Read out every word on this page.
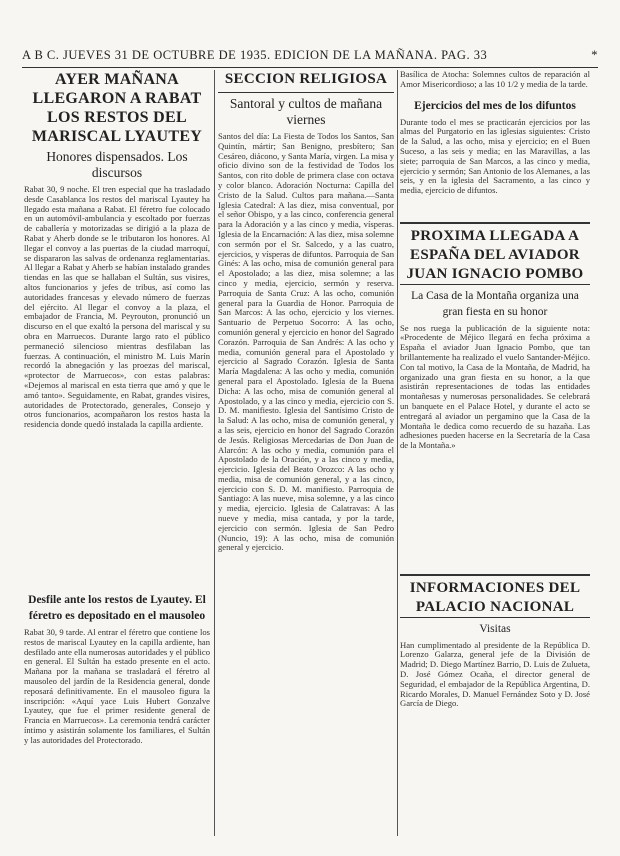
A B C. JUEVES 31 DE OCTUBRE DE 1935. EDICION DE LA MAÑANA. PAG. 33	*
AYER MAÑANA LLEGARON A RABAT LOS RESTOS DEL MARISCAL LYAUTEY
Honores dispensados. Los discursos
Rabat 30, 9 noche. El tren especial que ha trasladado desde Casablanca los restos del mariscal Lyautey ha llegado esta mañana a Rabat. El féretro fue colocado en un automóvil-ambulancia y escoltado por fuerzas de caballería y motorizadas se dirigió a la plaza de Rabat y Aherb donde se le tributaron los honores. Al llegar el convoy a las puertas de la ciudad marroquí, se dispararon las salvas de ordenanza reglamentarias. Al llegar a Rabat y Aherb se habían instalado grandes tiendas en las que se hallaban el Sultán, sus visires, altos funcionarios y jefes de tribus, así como las autoridades francesas y elevado número de fuerzas del ejército. Al llegar el convoy a la plaza, el embajador de Francia, M. Peyrouton, pronunció un discurso en el que exaltó la persona del mariscal y su obra en Marruecos. Durante largo rato el público permaneció silencioso mientras desfilaban las fuerzas. A continuación, el ministro M. Luis Marín recordó la abnegación y las proezas del mariscal, «protector de Marruecos», con estas palabras: «Dejemos al mariscal en esta tierra que amó y que le amó tanto». Seguidamente, en Rabat, grandes visires, autoridades de Protectorado, generales, Consejo y otros funcionarios, acompañaron los restos hasta la residencia donde quedó instalada la capilla ardiente.
Desfile ante los restos de Lyautey. El féretro es depositado en el mausoleo
Rabat 30, 9 tarde. Al entrar el féretro que contiene los restos de mariscal Lyautey en la capilla ardiente, han desfilado ante ella numerosas autoridades y el público en general. El Sultán ha estado presente en el acto. Mañana por la mañana se trasladará el féretro al mausoleo del jardín de la Residencia general, donde reposará definitivamente. En el mausoleo figura la inscripción: «Aquí yace Luis Hubert Gonzalve Lyautey, que fue el primer residente general de Francia en Marruecos». La ceremonia tendrá carácter íntimo y asistirán solamente los familiares, el Sultán y las autoridades del Protectorado.
SECCION RELIGIOSA
Santoral y cultos de mañana viernes
Santos del día: La Fiesta de Todos los Santos, San Quintín, mártir; San Benigno, presbítero; San Cesáreo, diácono, y Santa María, virgen. La misa y oficio divino son de la festividad de Todos los Santos, con rito doble de primera clase con octava y color blanco. Adoración Nocturna: Capilla del Cristo de la Salud. Cultos para mañana.—Santa Iglesia Catedral: A las diez, misa conventual, por el señor Obispo, y a las cinco, conferencia general para la Adoración y a las cinco y media, vísperas. Iglesia de la Encarnación: A las diez, misa solemne con sermón por el Sr. Salcedo, y a las cuatro, ejercicios, y vísperas de difuntos. Parroquia de San Ginés: A las ocho, misa de comunión general para el Apostolado; a las diez, misa solemne; a las cinco y media, ejercicio, sermón y reserva. Parroquia de Santa Cruz: A las ocho, comunión general para la Guardia de Honor. Parroquia de San Marcos: A las ocho, ejercicio y los viernes. Santuario de Perpetuo Socorro: A las ocho, comunión general y ejercicio en honor del Sagrado Corazón. Parroquia de San Andrés: A las ocho y media, comunión general para el Apostolado y ejercicio al Sagrado Corazón. Iglesia de Santa María Magdalena: A las ocho y media, comunión general para el Apostolado. Iglesia de la Buena Dicha: A las ocho, misa de comunión general al Apostolado, y a las cinco y media, ejercicio con S. D. M. manifiesto. Iglesia del Santísimo Cristo de la Salud: A las ocho, misa de comunión general, y a las seis, ejercicio en honor del Sagrado Corazón de Jesús. Religiosas Mercedarias de Don Juan de Alarcón: A las ocho y media, comunión para el Apostolado de la Oración, y a las cinco y media, ejercicio. Iglesia del Beato Orozco: A las ocho y media, misa de comunión general, y a las cinco, ejercicio con S. D. M. manifiesto. Parroquia de Santiago: A las nueve, misa solemne, y a las cinco y media, ejercicio. Iglesia de Calatravas: A las nueve y media, misa cantada, y por la tarde, ejercicio con sermón. Iglesia de San Pedro (Nuncio, 19): A las ocho, misa de comunión general y ejercicio.
Basílica de Atocha: Solemnes cultos de reparación al Amor Misericordioso; a las 10 1/2 y media de la tarde.
Ejercicios del mes de los difuntos
Durante todo el mes se practicarán ejercicios por las almas del Purgatorio en las iglesias siguientes: Cristo de la Salud, a las ocho, misa y ejercicio; en el Buen Suceso, a las seis y media; en las Maravillas, a las siete; parroquia de San Marcos, a las cinco y media, ejercicio y sermón; San Antonio de los Alemanes, a las seis, y en la iglesia del Sacramento, a las cinco y media, ejercicio de difuntos.
PROXIMA LLEGADA A ESPAÑA DEL AVIADOR JUAN IGNACIO POMBO
La Casa de la Montaña organiza una gran fiesta en su honor
Se nos ruega la publicación de la siguiente nota: «Procedente de Méjico llegará en fecha próxima a España el aviador Juan Ignacio Pombo, que tan brillantemente ha realizado el vuelo Santander-Méjico. Con tal motivo, la Casa de la Montaña, de Madrid, ha organizado una gran fiesta en su honor, a la que asistirán representaciones de todas las entidades montañesas y numerosas personalidades. Se celebrará un banquete en el Palace Hotel, y durante el acto se entregará al aviador un pergamino que la Casa de la Montaña le dedica como recuerdo de su hazaña. Las adhesiones pueden hacerse en la Secretaría de la Casa de la Montaña.»
INFORMACIONES DEL PALACIO NACIONAL
Visitas
Han cumplimentado al presidente de la República D. Lorenzo Galarza, general jefe de la División de Madrid; D. Diego Martínez Barrio, D. Luis de Zulueta, D. José Gómez Ocaña, el director general de Seguridad, el embajador de la República Argentina, D. Ricardo Morales, D. Manuel Fernández Soto y D. José García de Diego.
